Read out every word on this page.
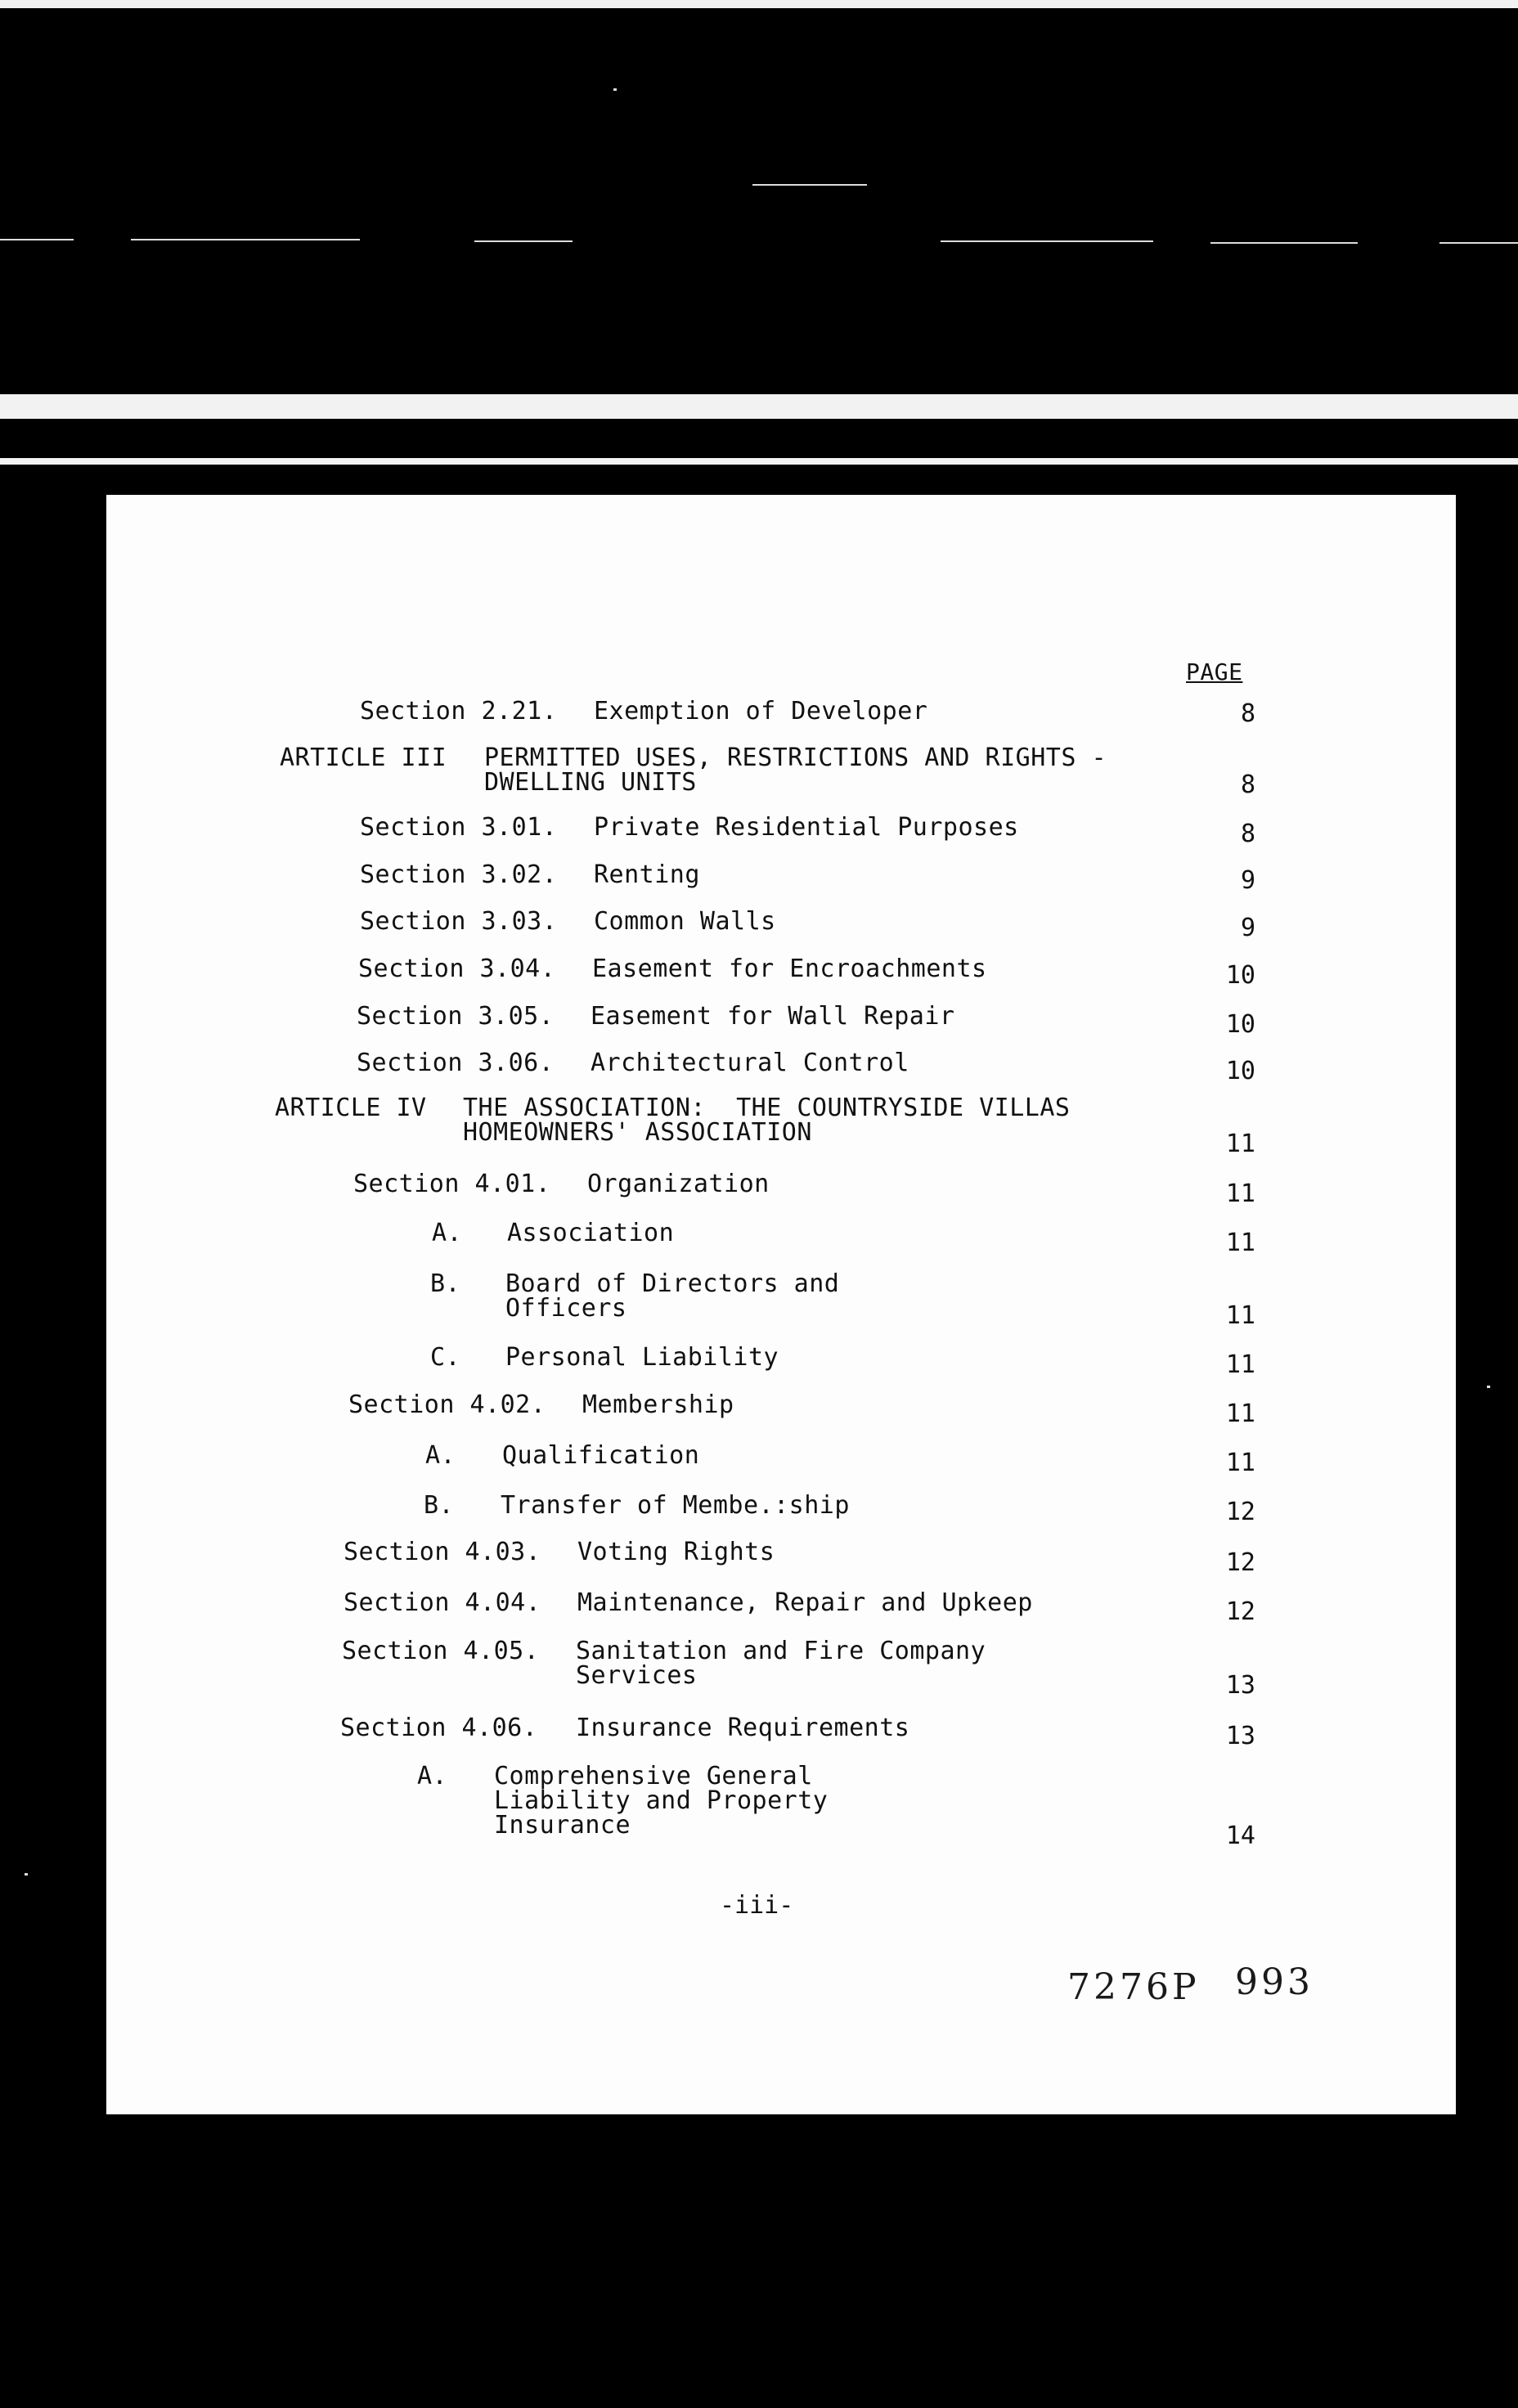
PAGE
Section 2.21. Exemption of Developer	8
ARTICLE III PERMITTED USES, RESTRICTIONS AND RIGHTS -
DWELLING UNITS	8
Section 3.01. Private Residential Purposes	8
Section 3.02. Renting	9
Section 3.03. Common Walls	9
Section 3.04. Easement for Encroachments	10
Section 3.05. Easement for Wall Repair	10
Section 3.06. Architectural Control	10
ARTICLE IV THE ASSOCIATION:  THE COUNTRYSIDE VILLAS
HOMEOWNERS' ASSOCIATION	11
Section 4.01. Organization	11
A. Association	11
B. Board of Directors and
Officers	11
C. Personal Liability	11
Section 4.02. Membership	11
A. Qualification	11
B. Transfer of Membe.:ship	12
Section 4.03. Voting Rights	12
Section 4.04. Maintenance, Repair and Upkeep	12
Section 4.05. Sanitation and Fire Company
Services	13
Section 4.06. Insurance Requirements	13
A. Comprehensive General
Liability and Property
Insurance	14
-iii-
7276P 993
